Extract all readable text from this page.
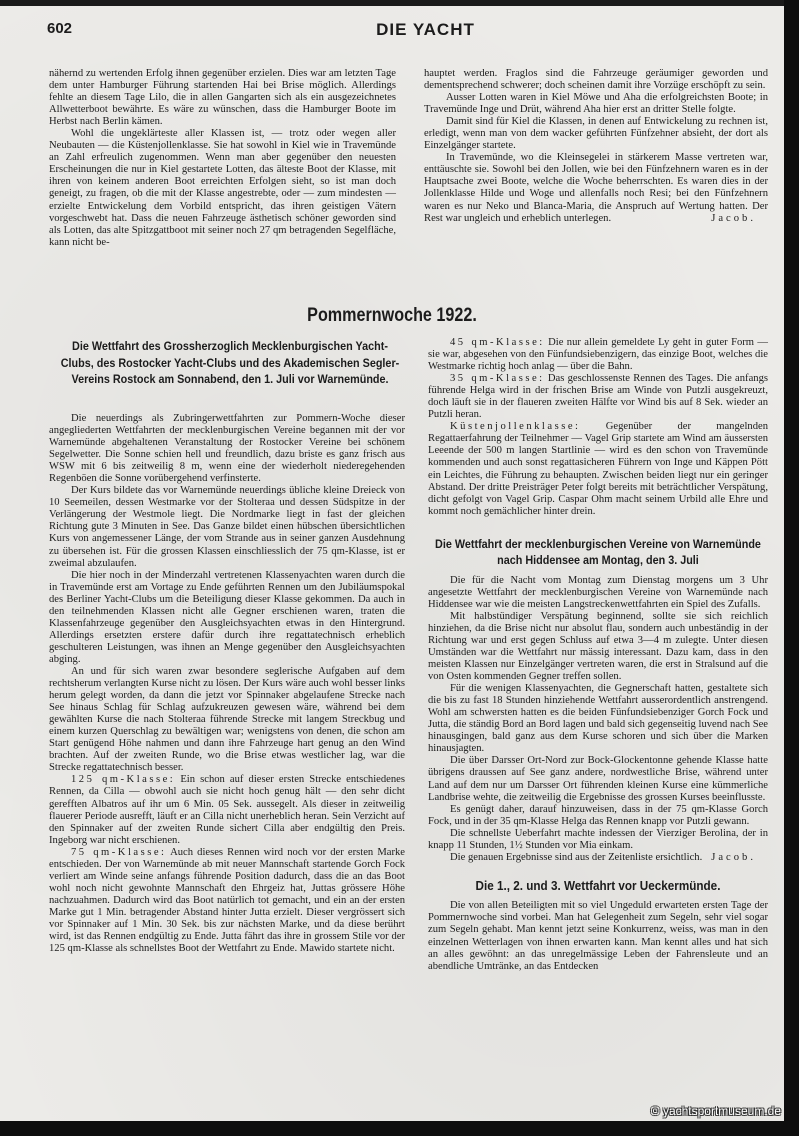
602	DIE YACHT

nähernd zu wertenden Erfolg ihnen gegenüber erzielen. Dies war am letzten Tage dem unter Hamburger Führung startenden Hai bei Brise möglich. Allerdings fehlte an diesem Tage Lilo, die in allen Gangarten sich als ein ausgezeichnetes Allwetterboot bewährte. Es wäre zu wünschen, dass die Hamburger Boote im Herbst nach Berlin kämen.

Wohl die ungeklärteste aller Klassen ist, — trotz oder wegen aller Neubauten — die Küstenjollenklasse. Sie hat sowohl in Kiel wie in Travemünde an Zahl erfreulich zugenommen. Wenn man aber gegenüber den neuesten Erscheinungen die nur in Kiel gestartete Lotten, das älteste Boot der Klasse, mit ihren von keinem anderen Boot erreichten Erfolgen sieht, so ist man doch geneigt, zu fragen, ob die mit der Klasse angestrebte, oder — zum mindesten — erzielte Entwickelung dem Vorbild entspricht, das ihren geistigen Vätern vorgeschwebt hat. Dass die neuen Fahrzeuge ästhetisch schöner geworden sind als Lotten, das alte Spitzgattboot mit seiner noch 27 qm betragenden Segelfläche, kann nicht be-

hauptet werden. Fraglos sind die Fahrzeuge geräumiger geworden und dementsprechend schwerer; doch scheinen damit ihre Vorzüge erschöpft zu sein.

Ausser Lotten waren in Kiel Möwe und Aha die erfolgreichsten Boote; in Travemünde Inge und Drüt, während Aha hier erst an dritter Stelle folgte.

Damit sind für Kiel die Klassen, in denen auf Entwickelung zu rechnen ist, erledigt, wenn man von dem wacker geführten Fünfzehner absieht, der dort als Einzelgänger startete.

In Travemünde, wo die Kleinsegelei in stärkerem Masse vertreten war, enttäuschte sie. Sowohl bei den Jollen, wie bei den Fünfzehnern waren es in der Hauptsache zwei Boote, welche die Woche beherrschten. Es waren dies in der Jollenklasse Hilde und Woge und allenfalls noch Resi; bei den Fünfzehnern waren es nur Neko und Blanca-Maria, die Anspruch auf Wertung hatten. Der Rest war ungleich und erheblich unterlegen.	Jacob.
Pommernwoche 1922.
Die Wettfahrt des Grossherzoglich Mecklenburgischen Yacht-Clubs, des Rostocker Yacht-Clubs und des Akademischen Segler-Vereins Rostock am Sonnabend, den 1. Juli vor Warnemünde.

Die neuerdings als Zubringerwettfahrten zur Pommern-Woche dieser angegliederten Wettfahrten der mecklenburgischen Vereine begannen mit der vor Warnemünde abgehaltenen Veranstaltung der Rostocker Vereine bei schönem Segelwetter. Die Sonne schien hell und freundlich, dazu briste es ganz frisch aus WSW mit 6 bis zeitweilig 8 m, wenn eine der wiederholt niederegehenden Regenböen die Sonne vorübergehend verfinsterte.

Der Kurs bildete das vor Warnemünde neuerdings übliche kleine Dreieck von 10 Seemeilen, dessen Westmarke vor der Stolteraa und dessen Südspitze in der Verlängerung der Westmole liegt. Die Nordmarke liegt in fast der gleichen Richtung gute 3 Minuten in See. Das Ganze bildet einen hübschen übersichtlichen Kurs von angemessener Länge, der vom Strande aus in seiner ganzen Ausdehnung zu übersehen ist. Für die grossen Klassen einschliesslich der 75 qm-Klasse, ist er zweimal abzulaufen.

Die hier noch in der Minderzahl vertretenen Klassenyachten waren durch die in Travemünde erst am Vortage zu Ende geführten Rennen um den Jubiläumspokal des Berliner Yacht-Clubs um die Beteiligung dieser Klasse gekommen. Da auch in den teilnehmenden Klassen nicht alle Gegner erschienen waren, traten die Klassenfahrzeuge gegenüber den Ausgleichsyachten etwas in den Hintergrund. Allerdings ersetzten erstere dafür durch ihre regattatechnisch erheblich geschulteren Leistungen, was ihnen an Menge gegenüber den Ausgleichsyachten abging.

An und für sich waren zwar besondere seglerische Aufgaben auf dem rechtsherum verlangten Kurse nicht zu lösen. Der Kurs wäre auch wohl besser links herum gelegt worden, da dann die jetzt vor Spinnaker abgelaufene Strecke nach See hinaus Schlag für Schlag aufzukreuzen gewesen wäre, während bei dem gewählten Kurse die nach Stolteraa führende Strecke mit langem Streckbug und einem kurzen Querschlag zu bewältigen war; wenigstens von denen, die schon am Start genügend Höhe nahmen und dann ihre Fahrzeuge hart genug an den Wind brachten. Auf der zweiten Runde, wo die Brise etwas westlicher lag, war die Strecke regattatechnisch besser.

125 qm-Klasse: Ein schon auf dieser ersten Strecke entschiedenes Rennen, da Cilla — obwohl auch sie nicht hoch genug hält — den sehr dicht gerefften Albatros auf ihr um 6 Min. 05 Sek. aussegelt. Als dieser in zeitweilig flauerer Periode ausrefft, läuft er an Cilla nicht unerheblich heran. Sein Verzicht auf den Spinnaker auf der zweiten Runde sichert Cilla aber endgültig den Preis. Ingeborg war nicht erschienen.

75 qm-Klasse: Auch dieses Rennen wird noch vor der ersten Marke entschieden. Der von Warnemünde ab mit neuer Mannschaft startende Gorch Fock verliert am Winde seine anfangs führende Position dadurch, dass die an das Boot wohl noch nicht gewohnte Mannschaft den Ehrgeiz hat, Juttas grössere Höhe nachzuahmen. Dadurch wird das Boot natürlich tot gemacht, und ein an der ersten Marke gut 1 Min. betragender Abstand hinter Jutta erzielt. Dieser vergrössert sich vor Spinnaker auf 1 Min. 30 Sek. bis zur nächsten Marke, und da diese berührt wird, ist das Rennen endgültig zu Ende. Jutta fährt das ihre in grossem Stile vor der 125 qm-Klasse als schnellstes Boot der Wettfahrt zu Ende. Mawido startete nicht.

45 qm-Klasse: Die nur allein gemeldete Ly geht in guter Form — sie war, abgesehen von den Fünfundsiebenzigern, das einzige Boot, welches die Westmarke richtig hoch anlag — über die Bahn.

35 qm-Klasse: Das geschlossenste Rennen des Tages. Die anfangs führende Helga wird in der frischen Brise am Winde von Putzli ausgekreuzt, doch läuft sie in der flaueren zweiten Hälfte vor Wind bis auf 8 Sek. wieder an Putzli heran.

Küstenjollenklasse: Gegenüber der mangelnden Regattaerfahrung der Teilnehmer — Vagel Grip startete am Wind am äussersten Leeende der 500 m langen Startlinie — wird es den schon von Travemünde kommenden und auch sonst regattasicheren Führern von Inge und Käppen Pött ein Leichtes, die Führung zu behaupten. Zwischen beiden liegt nur ein geringer Abstand. Der dritte Preisträger Peter folgt bereits mit beträchtlicher Verspätung, dicht gefolgt von Vagel Grip. Caspar Ohm macht seinem Urbild alle Ehre und kommt noch gemächlicher hinter drein.

Die Wettfahrt der mecklenburgischen Vereine von Warnemünde nach Hiddensee am Montag, den 3. Juli

Die für die Nacht vom Montag zum Dienstag morgens um 3 Uhr angesetzte Wettfahrt der mecklenburgischen Vereine von Warnemünde nach Hiddensee war wie die meisten Langstreckenwettfahrten ein Spiel des Zufalls.

Mit halbstündiger Verspätung beginnend, sollte sie sich reichlich hinziehen, da die Brise nicht nur absolut flau, sondern auch unbeständig in der Richtung war und erst gegen Schluss auf etwa 3—4 m zulegte. Unter diesen Umständen war die Wettfahrt nur mässig interessant. Dazu kam, dass in den meisten Klassen nur Einzelgänger vertreten waren, die erst in Stralsund auf die von Osten kommenden Gegner treffen sollen.

Für die wenigen Klassenyachten, die Gegnerschaft hatten, gestaltete sich die bis zu fast 18 Stunden hinziehende Wettfahrt ausserordentlich anstrengend. Wohl am schwersten hatten es die beiden Fünfundsiebenziger Gorch Fock und Jutta, die ständig Bord an Bord lagen und bald sich gegenseitig luvend nach See hinausgingen, bald ganz aus dem Kurse schoren und sich über die Marken hinausjagten.

Die über Darsser Ort-Nord zur Bock-Glockentonne gehende Klasse hatte übrigens draussen auf See ganz andere, nordwestliche Brise, während unter Land auf dem nur um Darsser Ort führenden kleinen Kurse eine kümmerliche Landbrise wehte, die zeitweilig die Ergebnisse des grossen Kurses beeinflusste.

Es genügt daher, darauf hinzuweisen, dass in der 75 qm-Klasse Gorch Fock, und in der 35 qm-Klasse Helga das Rennen knapp vor Putzli gewann.

Die schnellste Ueberfahrt machte indessen der Vierziger Berolina, der in knapp 11 Stunden, 1½ Stunden vor Mia einkam.

Die genauen Ergebnisse sind aus der Zeitenliste ersichtlich. Jacob.
Die 1., 2. und 3. Wettfahrt vor Ueckermünde.

Die von allen Beteiligten mit so viel Ungeduld erwarteten ersten Tage der Pommernwoche sind vorbei. Man hat Gelegenheit zum Segeln, sehr viel sogar zum Segeln gehabt. Man kennt jetzt seine Konkurrenz, weiss, was man in den einzelnen Wetterlagen von ihnen erwarten kann. Man kennt alles und hat sich an alles gewöhnt: an das unregelmässige Leben der Fahrensleute und an abendliche Umtränke, an das Entdecken

© yachtsportmuseum.de
